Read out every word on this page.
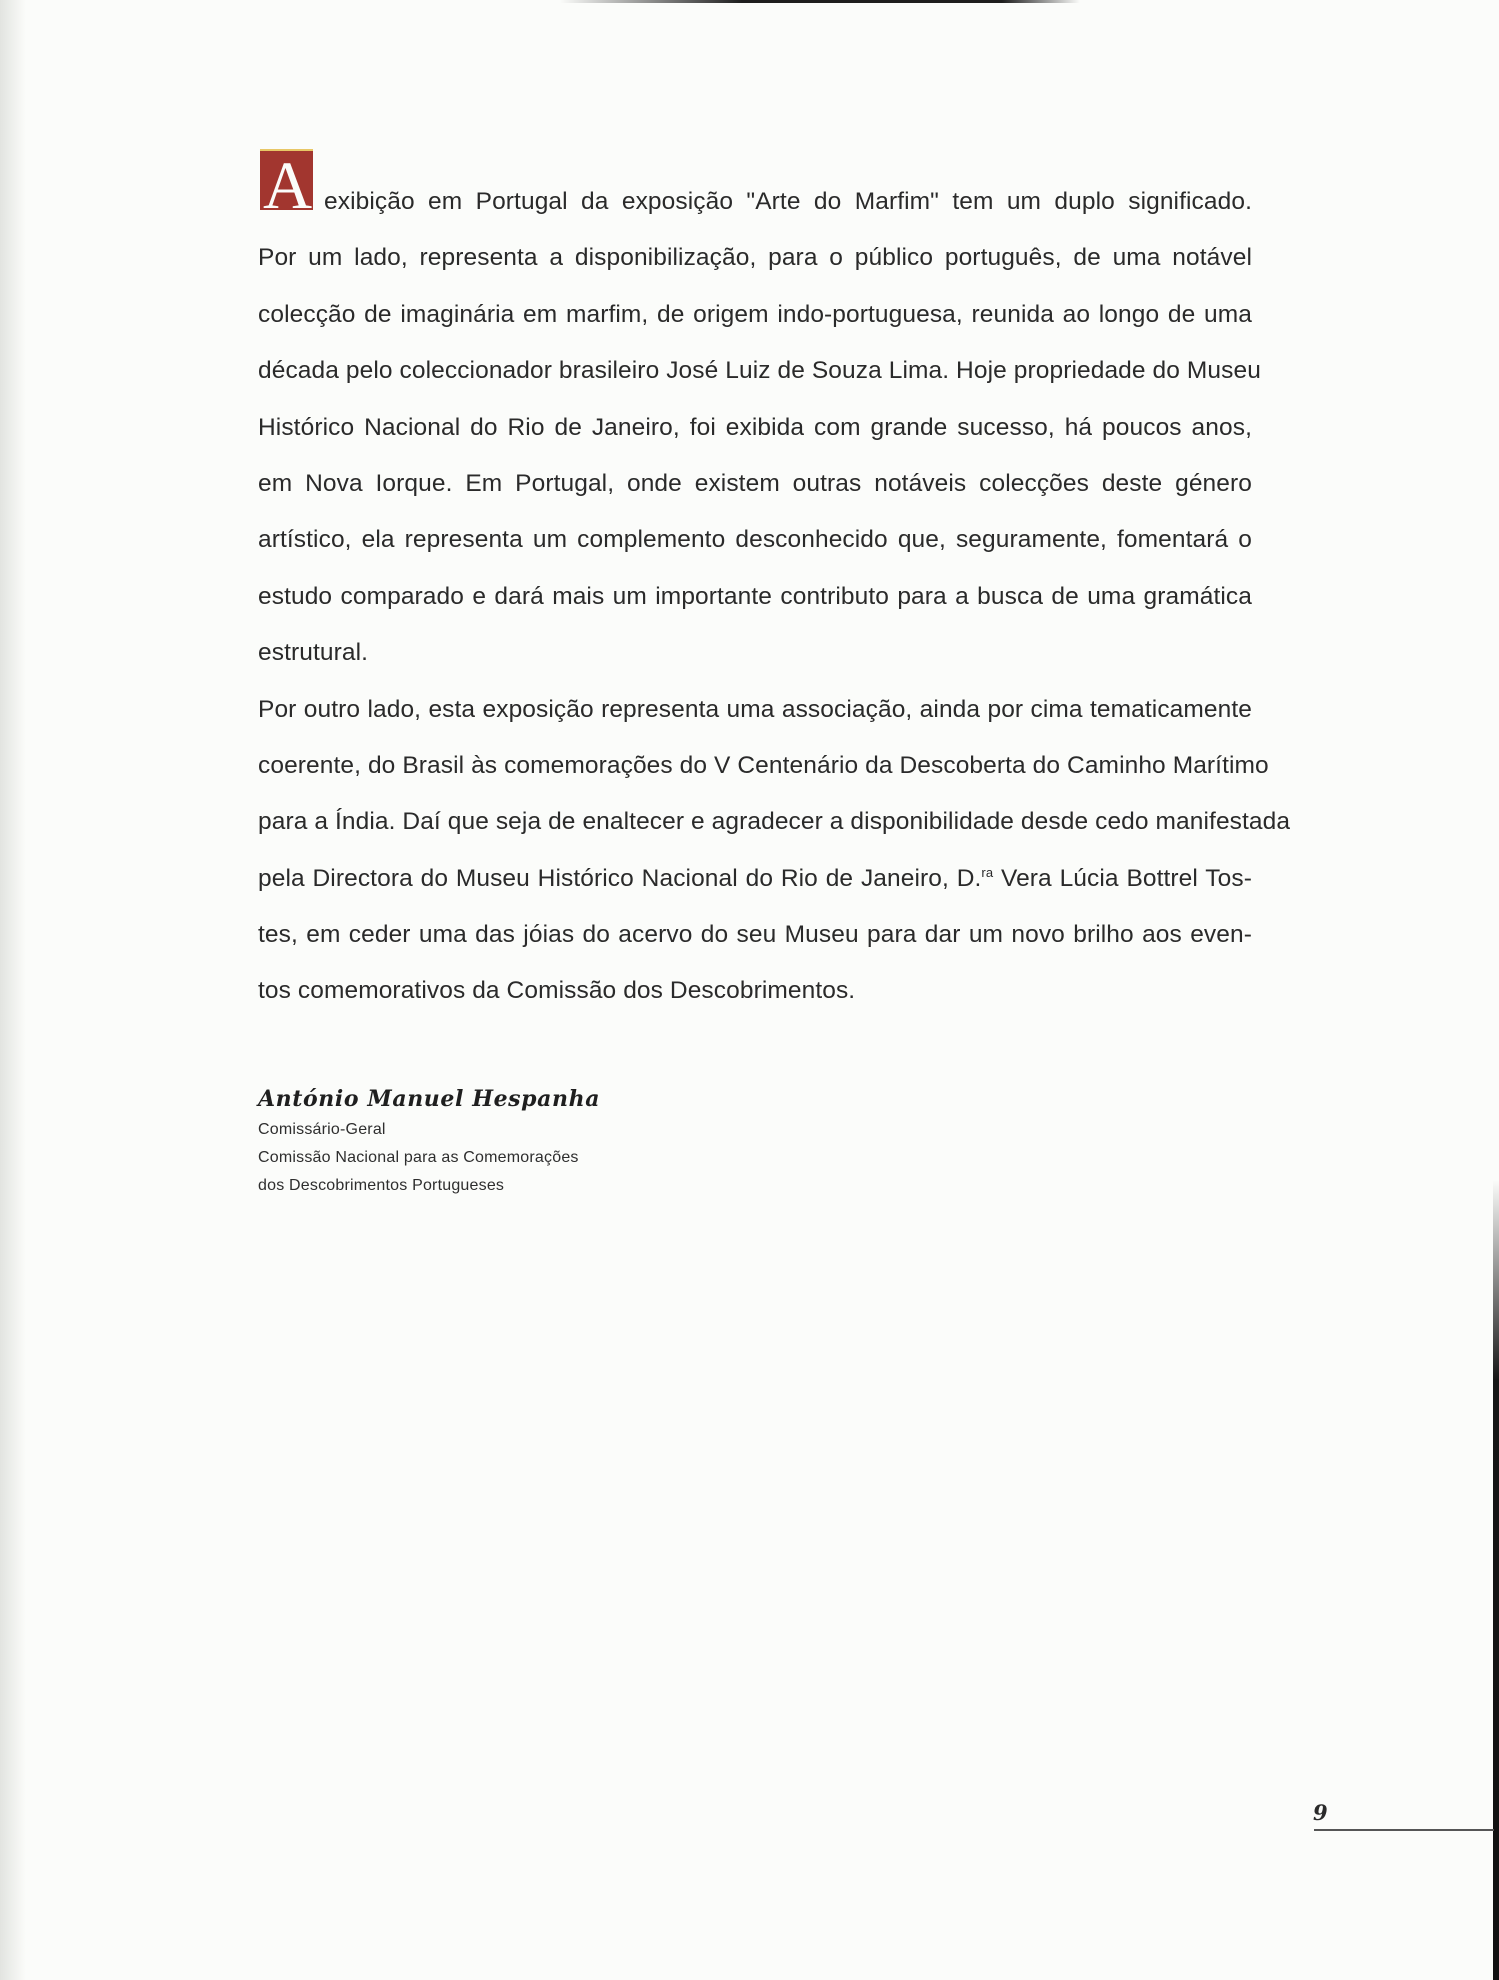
A exibição em Portugal da exposição "Arte do Marfim" tem um duplo significado.
Por um lado, representa a disponibilização, para o público português, de uma notável
colecção de imaginária em marfim, de origem indo-portuguesa, reunida ao longo de uma
década pelo coleccionador brasileiro José Luiz de Souza Lima. Hoje propriedade do Museu
Histórico Nacional do Rio de Janeiro, foi exibida com grande sucesso, há poucos anos,
em Nova Iorque. Em Portugal, onde existem outras notáveis colecções deste género
artístico, ela representa um complemento desconhecido que, seguramente, fomentará o
estudo comparado e dará mais um importante contributo para a busca de uma gramática
estrutural.
Por outro lado, esta exposição representa uma associação, ainda por cima tematicamente
coerente, do Brasil às comemorações do V Centenário da Descoberta do Caminho Marítimo
para a Índia. Daí que seja de enaltecer e agradecer a disponibilidade desde cedo manifestada
pela Directora do Museu Histórico Nacional do Rio de Janeiro, D.$^{ra}$ Vera Lúcia Bottrel Tos-
tes, em ceder uma das jóias do acervo do seu Museu para dar um novo brilho aos even-
tos comemorativos da Comissão dos Descobrimentos.
António Manuel Hespanha
Comissário-Geral
Comissão Nacional para as Comemorações
dos Descobrimentos Portugueses
9
